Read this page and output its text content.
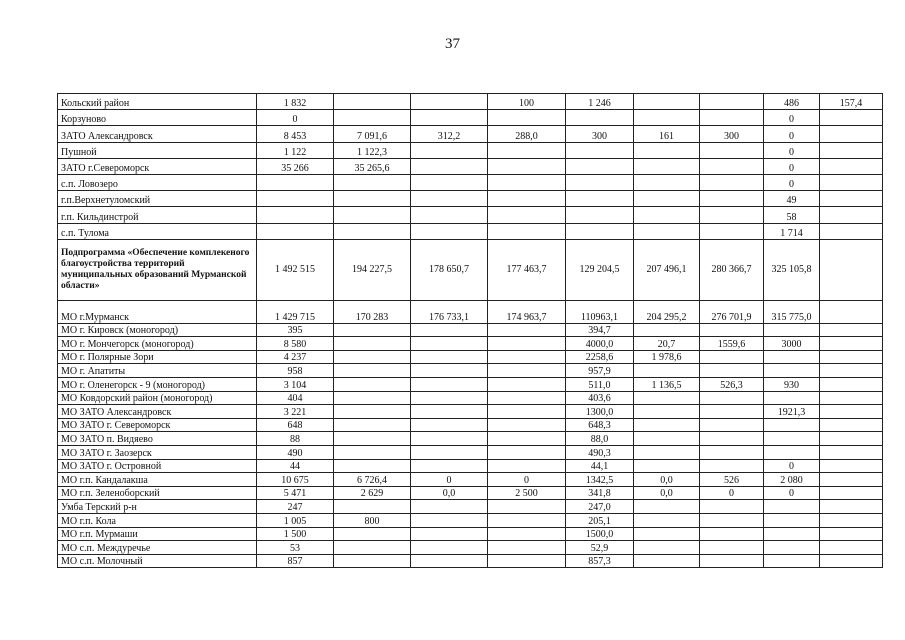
37
Кольский район	1 832			100	1 246			486	157,4
Корзуново	0							0	
ЗАТО Александровск	8 453	7 091,6	312,2	288,0	300	161	300	0	
Пушной	1 122	1 122,3						0	
ЗАТО г.Североморск	35 266	35 265,6						0	
с.п. Ловозеро								0	
г.п.Верхнетуломский								49	
г.п. Кильдинстрой								58	
с.п. Тулома								1 714	
Подпрограмма «Обеспечение комплекеного благоустройства территорий муниципальных образований Мурманской области»	1 492 515	194 227,5	178 650,7	177 463,7	129 204,5	207 496,1	280 366,7	325 105,8	
МО г.Мурманск	1 429 715	170 283	176 733,1	174 963,7	110963,1	204 295,2	276 701,9	315 775,0	
МО г. Кировск (моногород)	395				394,7				
МО г. Мончегорск (моногород)	8 580				4000,0	20,7	1559,6	3000	
МО г. Полярные Зори	4 237				2258,6	1 978,6			
МО г. Апатиты	958				957,9				
МО г. Оленегорск - 9 (моногород)	3 104				511,0	1 136,5	526,3	930	
МО Ковдорский район (моногород)	404				403,6				
МО ЗАТО Александровск	3 221				1300,0			1921,3	
МО ЗАТО г. Североморск	648				648,3				
МО ЗАТО п. Видяево	88				88,0				
МО ЗАТО г. Заозерск	490				490,3				
МО ЗАТО г. Островной	44				44,1			0	
МО г.п. Кандалакша	10 675	6 726,4	0	0	1342,5	0,0	526	2 080	
МО г.п. Зеленоборский	5 471	2 629	0,0	2 500	341,8	0,0	0	0	
Умба Терский р-н	247				247,0				
МО г.п. Кола	1 005	800			205,1				
МО г.п. Мурмаши	1 500				1500,0				
МО с.п. Междуречье	53				52,9				
МО с.п. Молочный	857				857,3				
